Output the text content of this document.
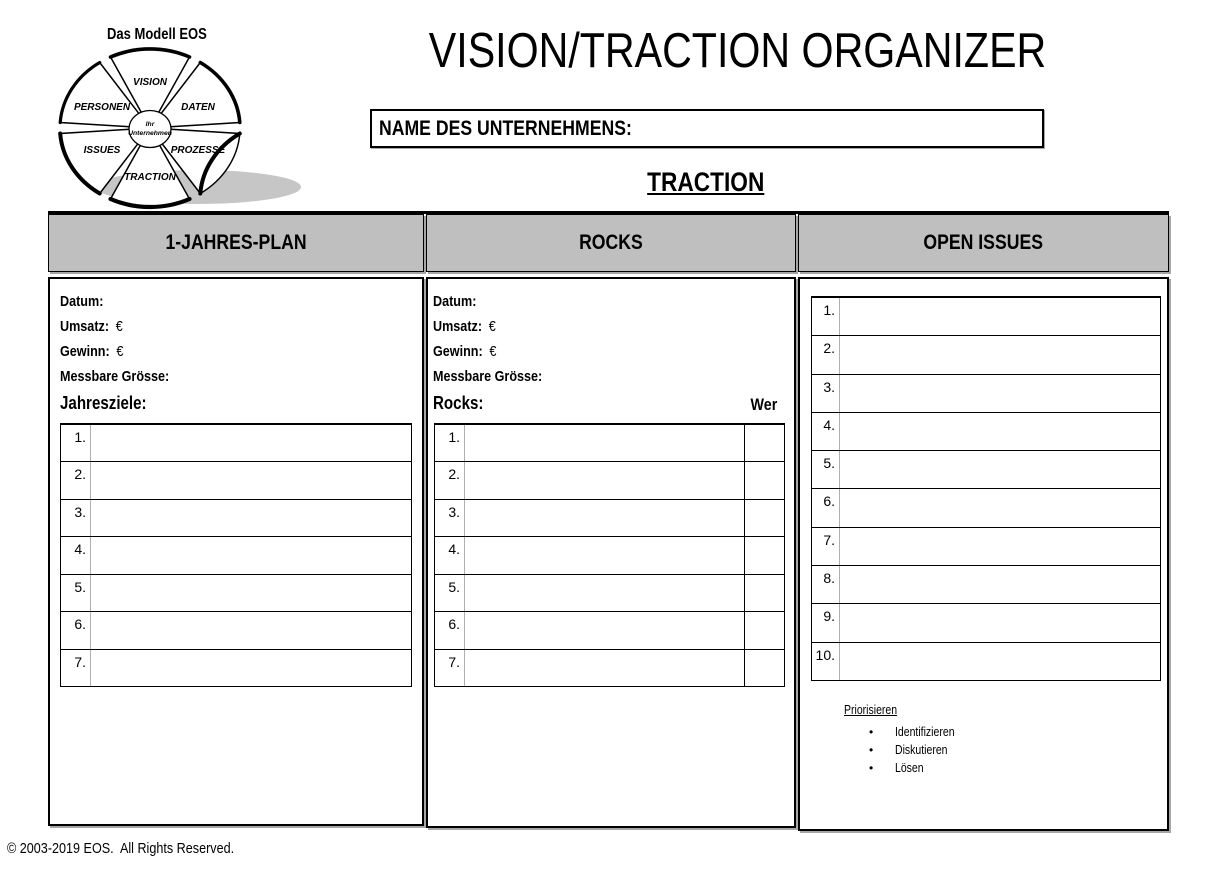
Das Modell EOS
VISION
DATEN
PROZESSE
TRACTION
ISSUES
PERSONEN
Ihr
Unternehmen
VISION/TRACTION ORGANIZER
NAME DES UNTERNEHMENS:
TRACTION
1-JAHRES-PLAN	ROCKS	OPEN ISSUES
Datum:
Umsatz: €
Gewinn: €
Messbare Grösse:
Jahresziele:
1.
2.
3.
4.
5.
6.
7.
Datum:
Umsatz: €
Gewinn: €
Messbare Grösse:
Rocks:	Wer
1.
2.
3.
4.
5.
6.
7.
1.
2.
3.
4.
5.
6.
7.
8.
9.
10.
Priorisieren
•	Identifizieren
•	Diskutieren
•	Lösen
© 2003-2019 EOS.  All Rights Reserved.
